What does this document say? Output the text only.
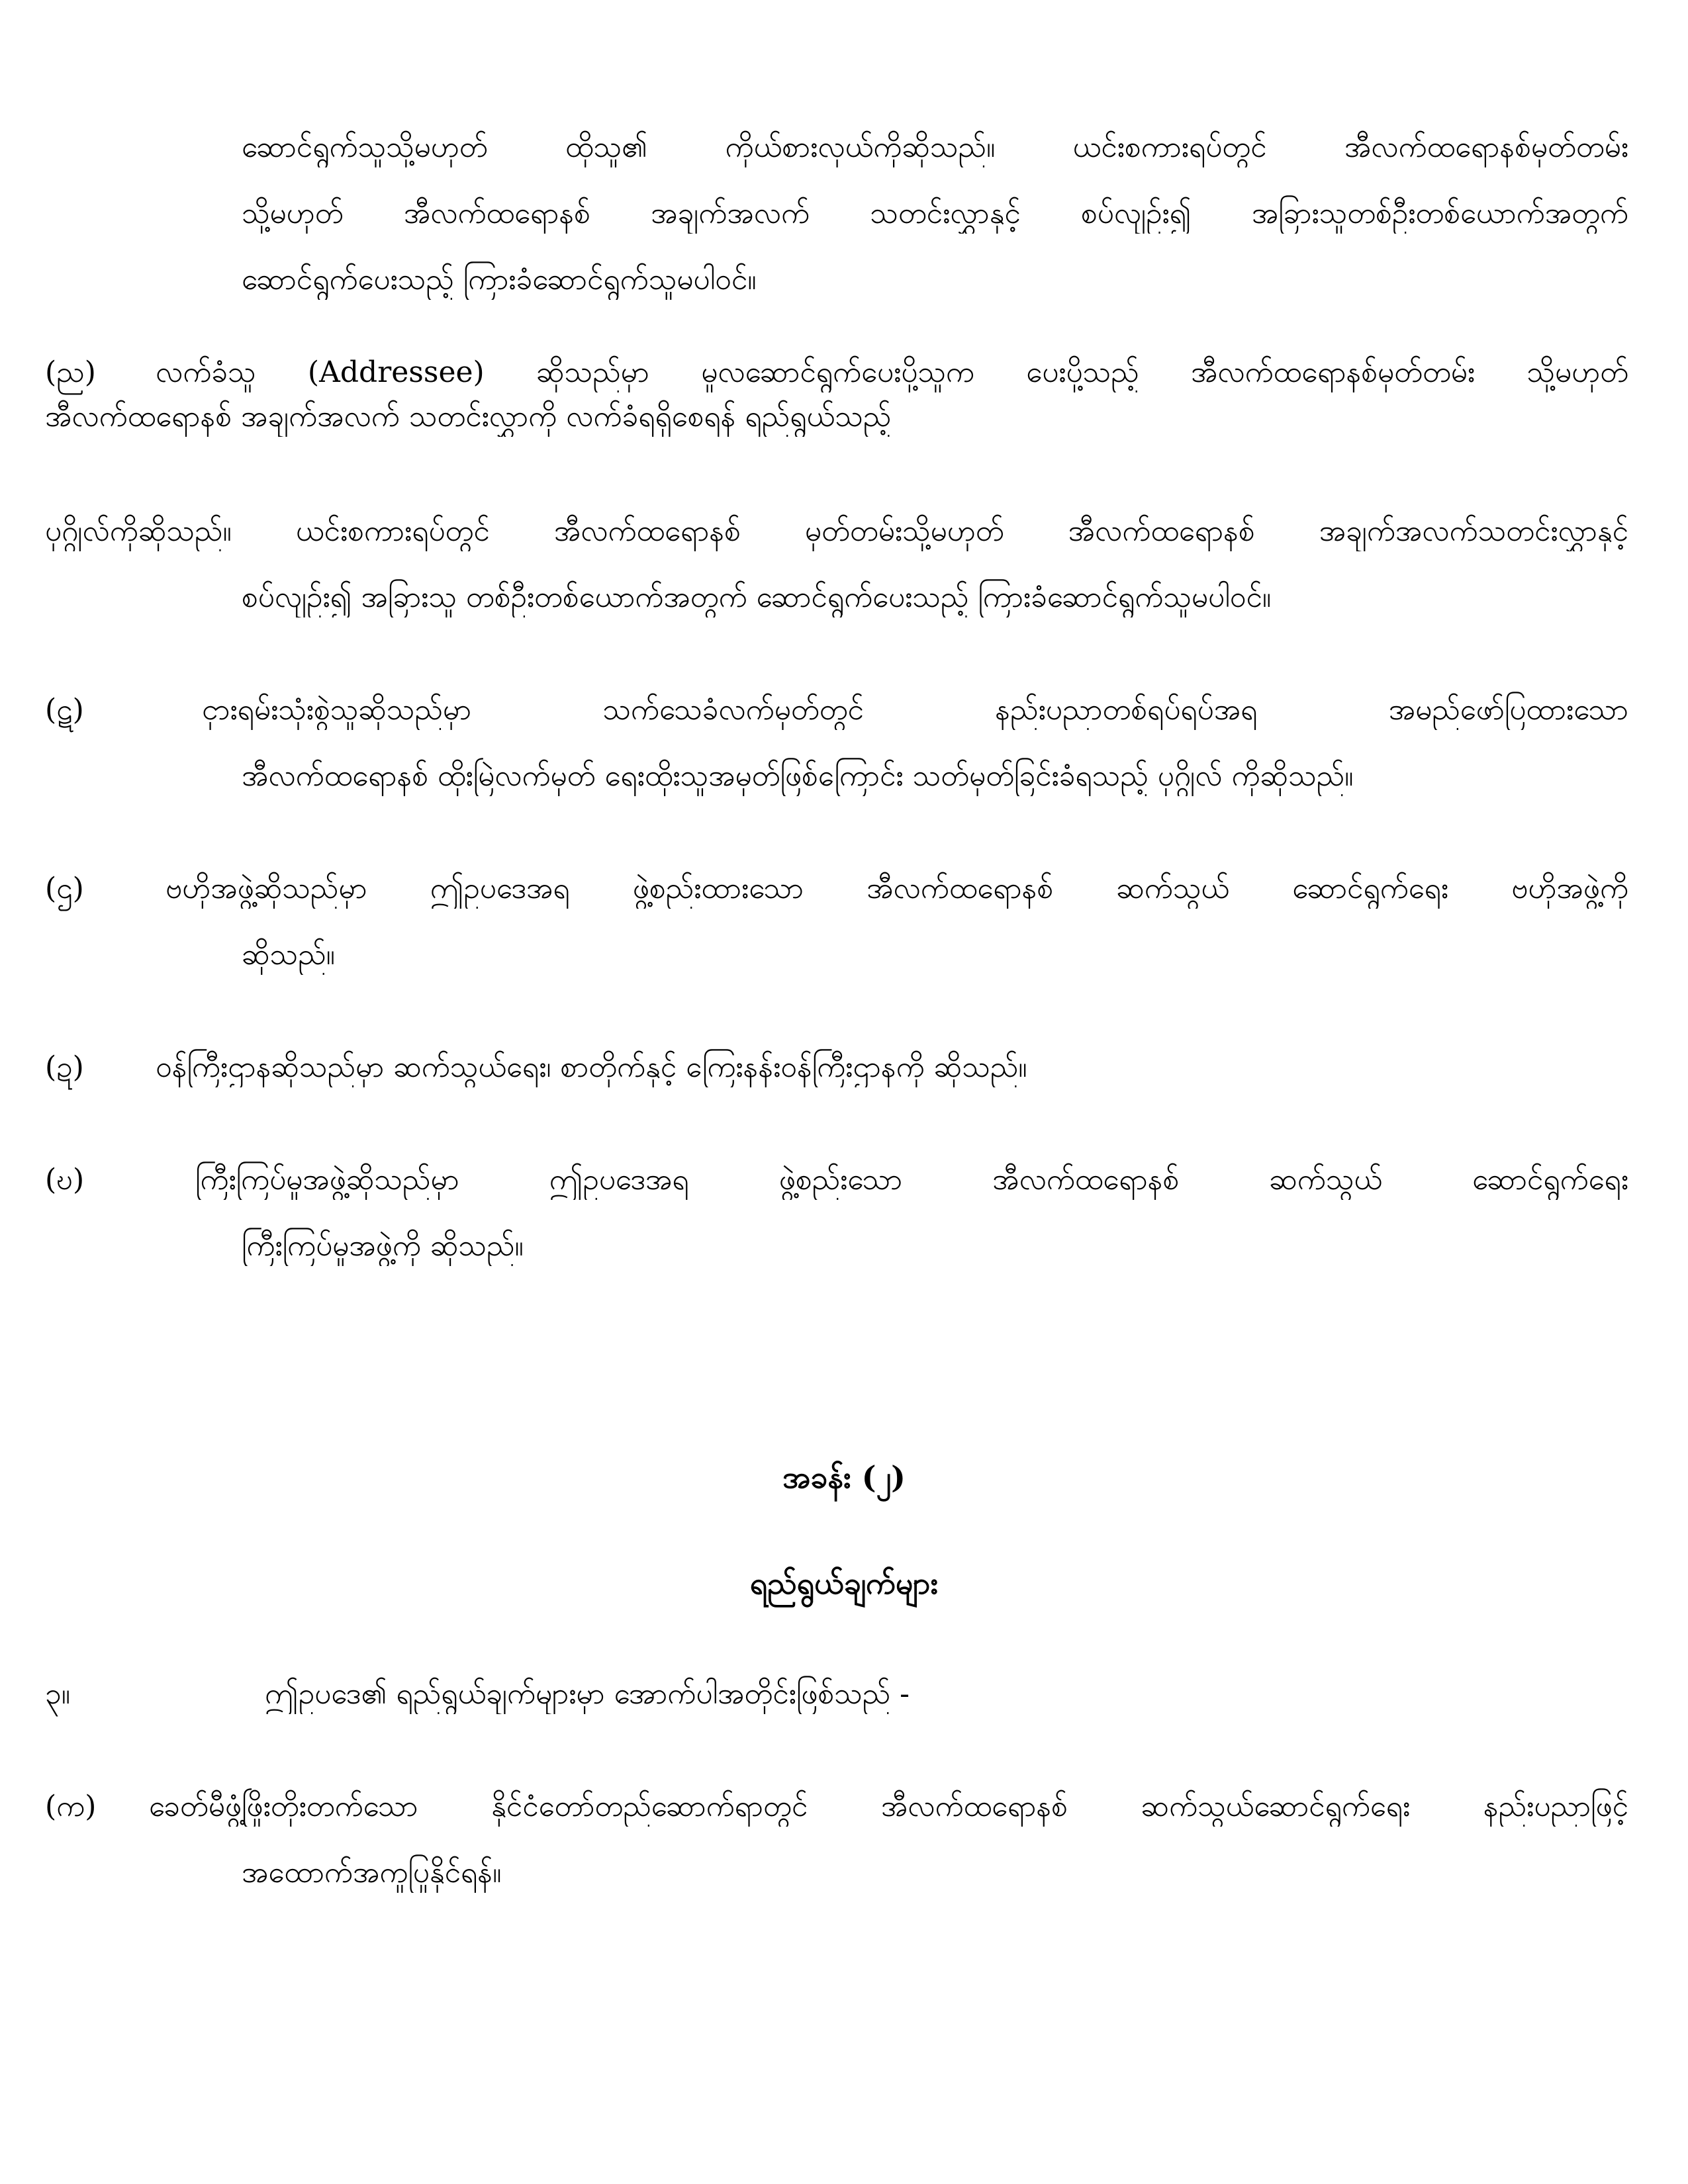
ဆောင်ရွက်သူသို့မဟုတ် ထိုသူ၏ ကိုယ်စားလှယ်ကိုဆိုသည်။ ယင်းစကားရပ်တွင် အီလက်ထရောနစ်မှတ်တမ်း
သို့မဟုတ် အီလက်ထရောနစ် အချက်အလက် သတင်းလွှာနှင့် စပ်လျဉ်း၍ အခြားသူတစ်ဦးတစ်ယောက်အတွက်
ဆောင်ရွက်ပေးသည့် ကြားခံဆောင်ရွက်သူမပါဝင်။
(ည) လက်ခံသူ (Addressee) ဆိုသည်မှာ မူလဆောင်ရွက်ပေးပို့သူက ပေးပို့သည့် အီလက်ထရောနစ်မှတ်တမ်း သို့မဟုတ်
အီလက်ထရောနစ် အချက်အလက် သတင်းလွှာကို လက်ခံရရှိစေရန် ရည်ရွယ်သည့်
ပုဂ္ဂိုလ်ကိုဆိုသည်။ ယင်းစကားရပ်တွင် အီလက်ထရောနစ် မှတ်တမ်းသို့မဟုတ် အီလက်ထရောနစ် အချက်အလက်သတင်းလွှာနှင့်
စပ်လျဉ်း၍ အခြားသူ တစ်ဦးတစ်ယောက်အတွက် ဆောင်ရွက်ပေးသည့် ကြားခံဆောင်ရွက်သူမပါဝင်။
(ဋ)	ငှားရမ်းသုံးစွဲသူဆိုသည်မှာ သက်သေခံလက်မှတ်တွင် နည်းပညာတစ်ရပ်ရပ်အရ အမည်ဖော်ပြထားသော
အီလက်ထရောနစ် ထိုးမြဲလက်မှတ် ရေးထိုးသူအမှတ်ဖြစ်ကြောင်း သတ်မှတ်ခြင်းခံရသည့် ပုဂ္ဂိုလ် ကိုဆိုသည်။
(ဌ)	ဗဟိုအဖွဲ့ဆိုသည်မှာ ဤဥပဒေအရ ဖွဲ့စည်းထားသော အီလက်ထရောနစ် ဆက်သွယ် ဆောင်ရွက်ရေး ဗဟိုအဖွဲ့ကို
ဆိုသည်။
(ဍ) ဝန်ကြီးဌာနဆိုသည်မှာ ဆက်သွယ်ရေး၊ စာတိုက်နှင့် ကြေးနန်းဝန်ကြီးဌာနကို ဆိုသည်။
(ဎ)	ကြီးကြပ်မှုအဖွဲ့ဆိုသည်မှာ ဤဥပဒေအရ ဖွဲ့စည်းသော အီလက်ထရောနစ် ဆက်သွယ် ဆောင်ရွက်ရေး
ကြီးကြပ်မှုအဖွဲ့ကို ဆိုသည်။
အခန်း (၂)
ရည်ရွယ်ချက်များ
၃။	ဤဥပဒေ၏ ရည်ရွယ်ချက်များမှာ အောက်ပါအတိုင်းဖြစ်သည် -
(က) ခေတ်မီဖွံ့ဖြိုးတိုးတက်သော နိုင်ငံတော်တည်ဆောက်ရာတွင် အီလက်ထရောနစ် ဆက်သွယ်ဆောင်ရွက်ရေး နည်းပညာဖြင့်
အထောက်အကူပြုနိုင်ရန်။
